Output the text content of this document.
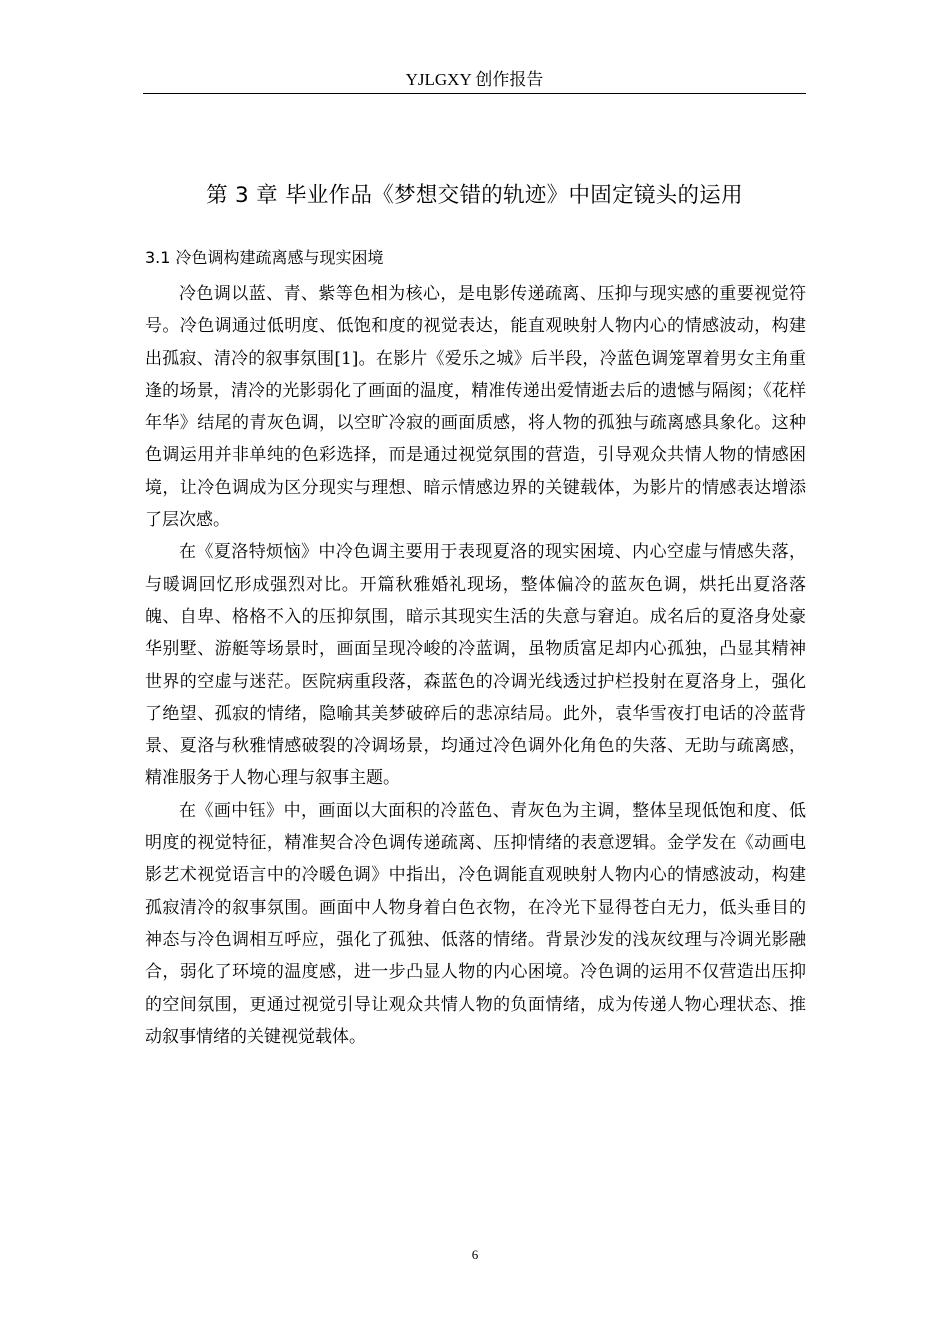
YJLGXY 创作报告
第 3 章 毕业作品《梦想交错的轨迹》中固定镜头的运用
3.1 冷色调构建疏离感与现实困境

冷色调以蓝、青、紫等色相为核心，是电影传递疏离、压抑与现实感的重要视觉符号。冷色调通过低明度、低饱和度的视觉表达，能直观映射人物内心的情感波动，构建出孤寂、清冷的叙事氛围[1]。在影片《爱乐之城》后半段，冷蓝色调笼罩着男女主角重逢的场景，清冷的光影弱化了画面的温度，精准传递出爱情逝去后的遗憾与隔阂；《花样年华》结尾的青灰色调，以空旷冷寂的画面质感，将人物的孤独与疏离感具象化。这种色调运用并非单纯的色彩选择，而是通过视觉氛围的营造，引导观众共情人物的情感困境，让冷色调成为区分现实与理想、暗示情感边界的关键载体，为影片的情感表达增添了层次感。

在《夏洛特烦恼》中冷色调主要用于表现夏洛的现实困境、内心空虚与情感失落，与暖调回忆形成强烈对比。开篇秋雅婚礼现场，整体偏冷的蓝灰色调，烘托出夏洛落魄、自卑、格格不入的压抑氛围，暗示其现实生活的失意与窘迫。成名后的夏洛身处豪华别墅、游艇等场景时，画面呈现冷峻的冷蓝调，虽物质富足却内心孤独，凸显其精神世界的空虚与迷茫。医院病重段落，森蓝色的冷调光线透过护栏投射在夏洛身上，强化了绝望、孤寂的情绪，隐喻其美梦破碎后的悲凉结局。此外，袁华雪夜打电话的冷蓝背景、夏洛与秋雅情感破裂的冷调场景，均通过冷色调外化角色的失落、无助与疏离感，精准服务于人物心理与叙事主题。

在《画中钰》中，画面以大面积的冷蓝色、青灰色为主调，整体呈现低饱和度、低明度的视觉特征，精准契合冷色调传递疏离、压抑情绪的表意逻辑。金学发在《动画电影艺术视觉语言中的冷暖色调》中指出，冷色调能直观映射人物内心的情感波动，构建孤寂清冷的叙事氛围。画面中人物身着白色衣物，在冷光下显得苍白无力，低头垂目的神态与冷色调相互呼应，强化了孤独、低落的情绪。背景沙发的浅灰纹理与冷调光影融合，弱化了环境的温度感，进一步凸显人物的内心困境。冷色调的运用不仅营造出压抑的空间氛围，更通过视觉引导让观众共情人物的负面情绪，成为传递人物心理状态、推动叙事情绪的关键视觉载体。

6
